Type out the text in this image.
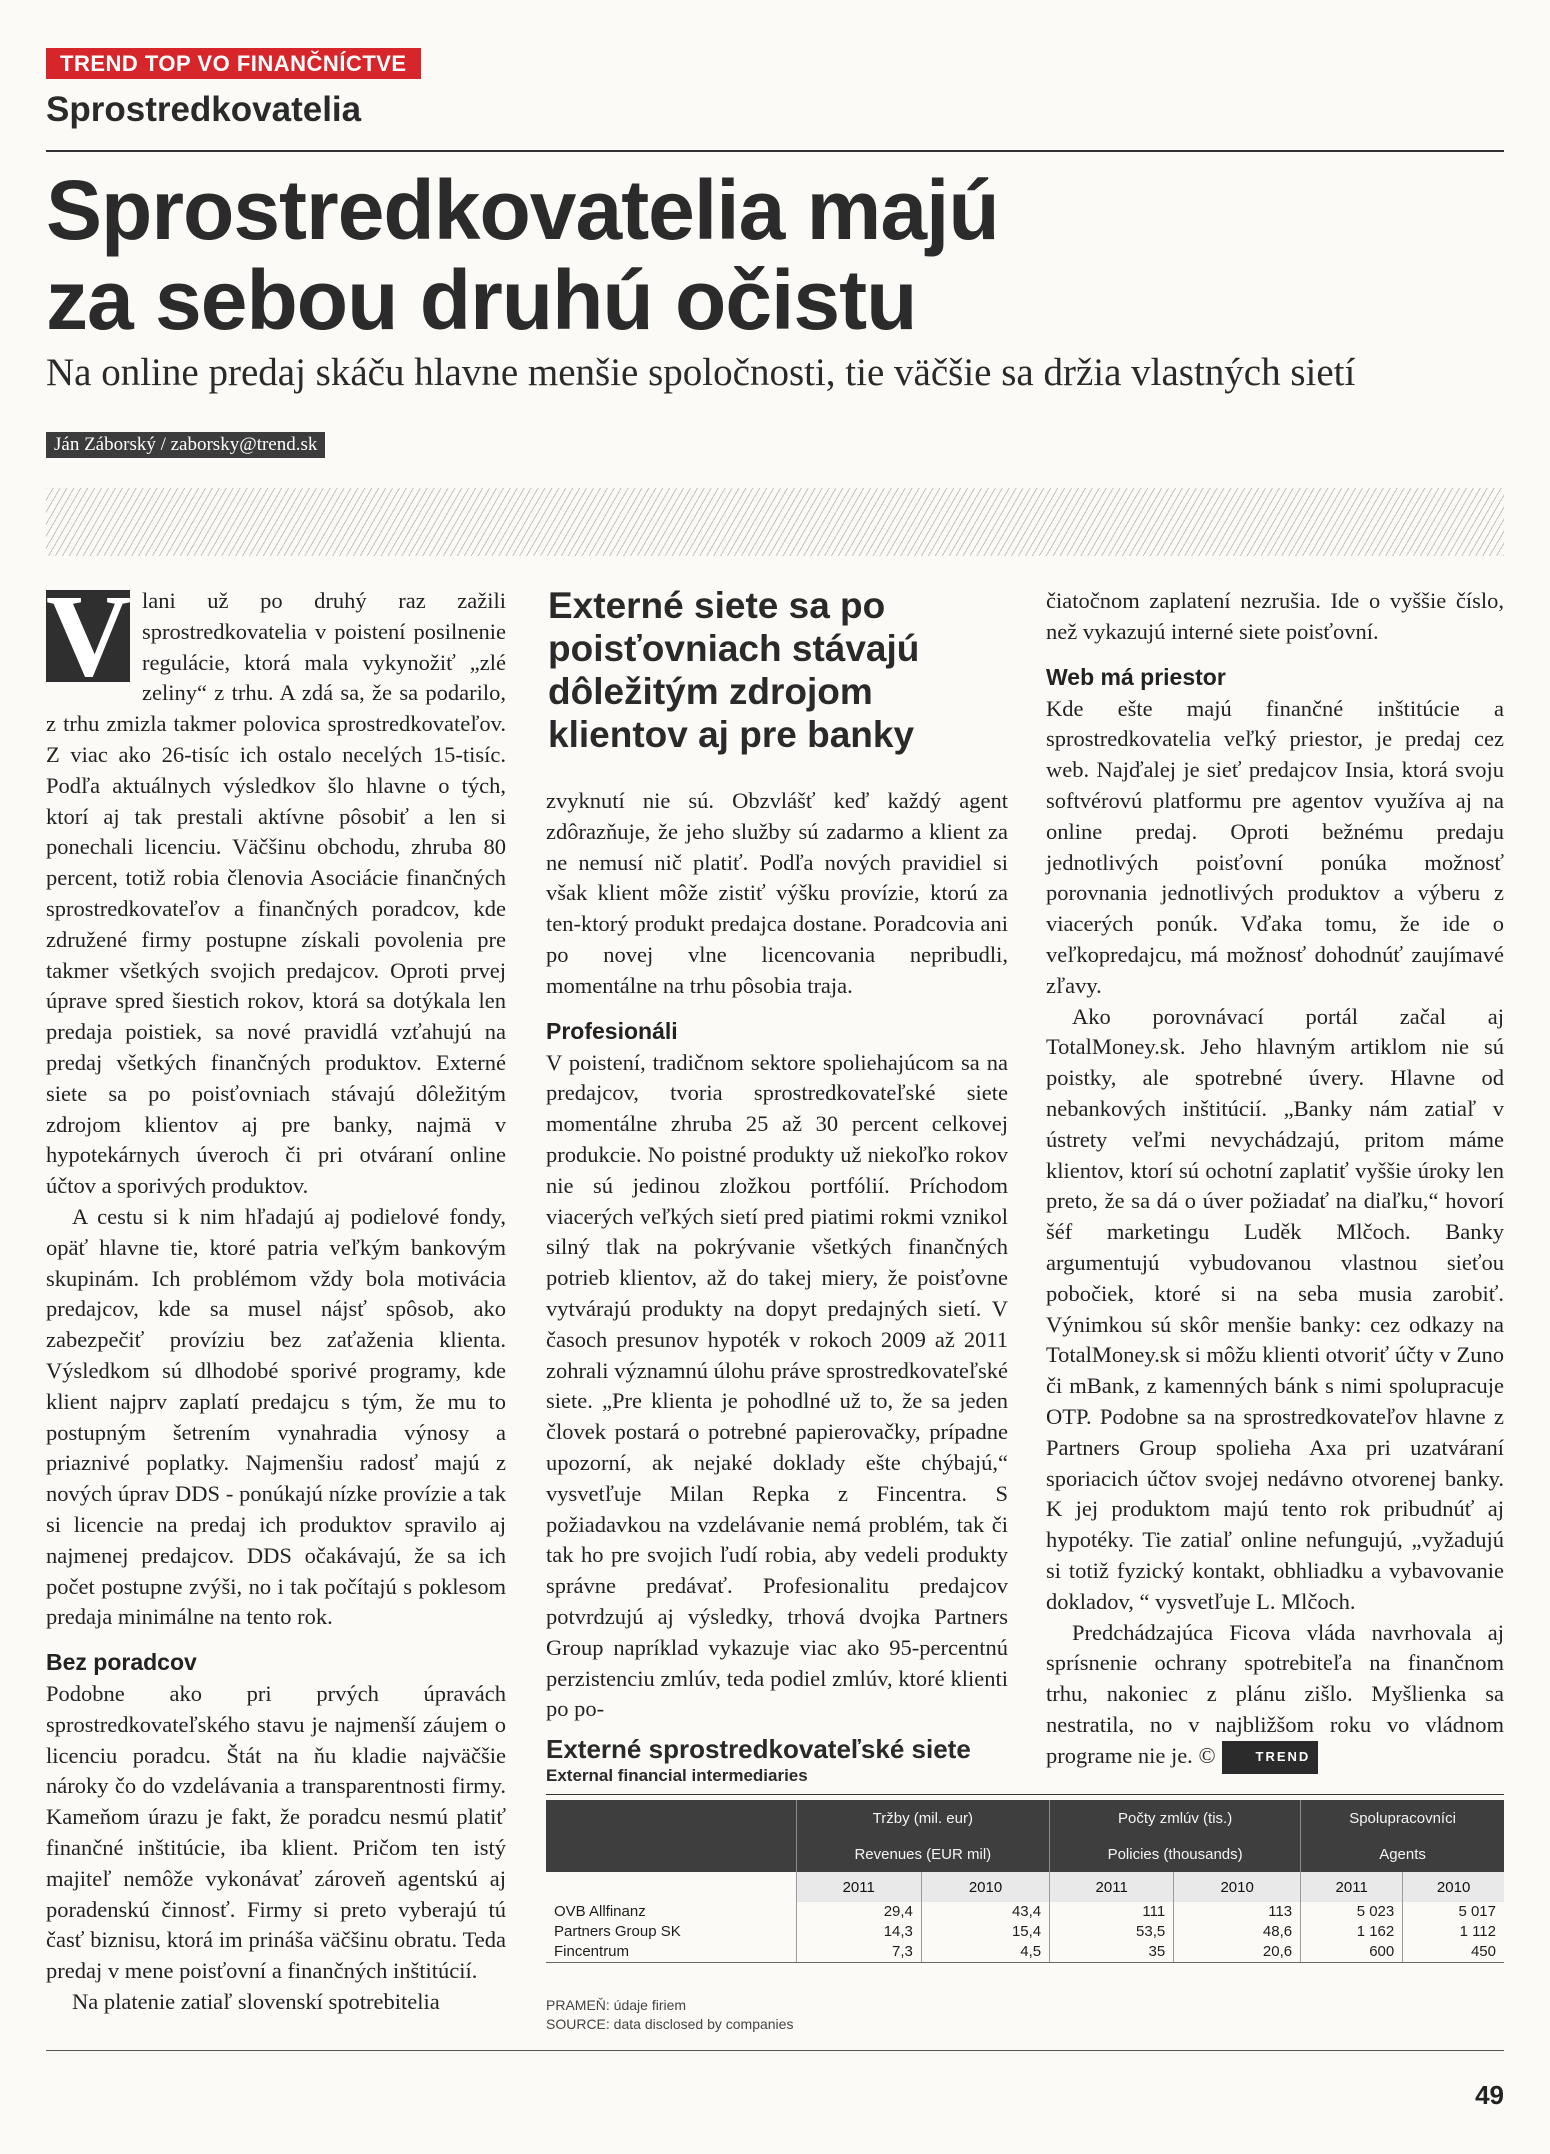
TREND TOP VO FINANČNÍCTVE
Sprostredkovatelia
Sprostredkovatelia majú
za sebou druhú očistu

Na online predaj skáču hlavne menšie spoločnosti, tie väčšie sa držia vlastných sietí

Ján Záborský / zaborsky@trend.sk
V lani už po druhý raz zažili sprostredkovatelia v poistení posilnenie regulácie, ktorá mala vykynožiť „zlé zeliny“ z trhu. A zdá sa, že sa podarilo, z trhu zmizla takmer polovica sprostredkovateľov. Z viac ako 26-tisíc ich ostalo necelých 15-tisíc. Podľa aktuálnych výsledkov šlo hlavne o tých, ktorí aj tak prestali aktívne pôsobiť a len si ponechali licenciu. Väčšinu obchodu, zhruba 80 percent, totiž robia členovia Asociácie finančných sprostredkovateľov a finančných poradcov, kde združené firmy postupne získali povolenia pre takmer všetkých svojich predajcov. Oproti prvej úprave spred šiestich rokov, ktorá sa dotýkala len predaja poistiek, sa nové pravidlá vzťahujú na predaj všetkých finančných produktov. Externé siete sa po poisťovniach stávajú dôležitým zdrojom klientov aj pre banky, najmä v hypotekárnych úveroch či pri otváraní online účtov a sporivých produktov.

A cestu si k nim hľadajú aj podielové fondy, opäť hlavne tie, ktoré patria veľkým bankovým skupinám. Ich problémom vždy bola motivácia predajcov, kde sa musel nájsť spôsob, ako zabezpečiť províziu bez zaťaženia klienta. Výsledkom sú dlhodobé sporivé programy, kde klient najprv zaplatí predajcu s tým, že mu to postupným šetrením vynahradia výnosy a priaznivé poplatky. Najmenšiu radosť majú z nových úprav DDS - ponúkajú nízke provízie a tak si licencie na predaj ich produktov spravilo aj najmenej predajcov. DDS očakávajú, že sa ich počet postupne zvýši, no i tak počítajú s poklesom predaja minimálne na tento rok.

Bez poradcov

Podobne ako pri prvých úpravách sprostredkovateľského stavu je najmenší záujem o licenciu poradcu. Štát na ňu kladie najväčšie nároky čo do vzdelávania a transparentnosti firmy. Kameňom úrazu je fakt, že poradcu nesmú platiť finančné inštitúcie, iba klient. Pričom ten istý majiteľ nemôže vykonávať zároveň agentskú aj poradenskú činnosť. Firmy si preto vyberajú tú časť biznisu, ktorá im prináša väčšinu obratu. Teda predaj v mene poisťovní a finančných inštitúcií.

Na platenie zatiaľ slovenskí spotrebitelia

Externé siete sa po poisťovniach stávajú dôležitým zdrojom klientov aj pre banky

zvyknutí nie sú. Obzvlášť keď každý agent zdôrazňuje, že jeho služby sú zadarmo a klient za ne nemusí nič platiť. Podľa nových pravidiel si však klient môže zistiť výšku provízie, ktorú za ten-ktorý produkt predajca dostane. Poradcovia ani po novej vlne licencovania nepribudli, momentálne na trhu pôsobia traja.

Profesionáli

V poistení, tradičnom sektore spoliehajúcom sa na predajcov, tvoria sprostredkovateľské siete momentálne zhruba 25 až 30 percent celkovej produkcie. No poistné produkty už niekoľko rokov nie sú jedinou zložkou portfólií. Príchodom viacerých veľkých sietí pred piatimi rokmi vznikol silný tlak na pokrývanie všetkých finančných potrieb klientov, až do takej miery, že poisťovne vytvárajú produkty na dopyt predajných sietí. V časoch presunov hypoték v rokoch 2009 až 2011 zohrali významnú úlohu práve sprostredkovateľské siete. „Pre klienta je pohodlné už to, že sa jeden človek postará o potrebné papierovačky, prípadne upozorní, ak nejaké doklady ešte chýbajú,“ vysvetľuje Milan Repka z Fincentra. S požiadavkou na vzdelávanie nemá problém, tak či tak ho pre svojich ľudí robia, aby vedeli produkty správne predávať. Profesionalitu predajcov potvrdzujú aj výsledky, trhová dvojka Partners Group napríklad vykazuje viac ako 95-percentnú perzistenciu zmlúv, teda podiel zmlúv, ktoré klienti po po-

čiatočnom zaplatení nezrušia. Ide o vyššie číslo, než vykazujú interné siete poisťovní.

Web má priestor

Kde ešte majú finančné inštitúcie a sprostredkovatelia veľký priestor, je predaj cez web. Najďalej je sieť predajcov Insia, ktorá svoju softvérovú platformu pre agentov využíva aj na online predaj. Oproti bežnému predaju jednotlivých poisťovní ponúka možnosť porovnania jednotlivých produktov a výberu z viacerých ponúk. Vďaka tomu, že ide o veľkopredajcu, má možnosť dohodnúť zaujímavé zľavy.

Ako porovnávací portál začal aj TotalMoney.sk. Jeho hlavným artiklom nie sú poistky, ale spotrebné úvery. Hlavne od nebankových inštitúcií. „Banky nám zatiaľ v ústrety veľmi nevychádzajú, pritom máme klientov, ktorí sú ochotní zaplatiť vyššie úroky len preto, že sa dá o úver požiadať na diaľku,“ hovorí šéf marketingu Luděk Mlčoch. Banky argumentujú vybudovanou vlastnou sieťou pobočiek, ktoré si na seba musia zarobiť. Výnimkou sú skôr menšie banky: cez odkazy na TotalMoney.sk si môžu klienti otvoriť účty v Zuno či mBank, z kamenných bánk s nimi spolupracuje OTP. Podobne sa na sprostredkovateľov hlavne z Partners Group spolieha Axa pri uzatváraní sporiacich účtov svojej nedávno otvorenej banky. K jej produktom majú tento rok pribudnúť aj hypotéky. Tie zatiaľ online nefungujú, „vyžadujú si totiž fyzický kontakt, obhliadku a vybavovanie dokladov, “ vysvetľuje L. Mlčoch.

Predchádzajúca Ficova vláda navrhovala aj sprísnenie ochrany spotrebiteľa na finančnom trhu, nakoniec z plánu zišlo. Myšlienka sa nestratila, no v najbližšom roku vo vládnom programe nie je. ©	TREND

Externé sprostredkovateľské siete
External financial intermediaries
	Tržby (mil. eur)		Počty zmlúv (tis.)		Spolupracovníci	
	Revenues (EUR mil)		Policies (thousands)		Agents	
	2011	2010	2011	2010	2011	2010
OVB Allfinanz	29,4	43,4	111	113	5 023	5 017
Partners Group SK	14,3	15,4	53,5	48,6	1 162	1 112
Fincentrum	7,3	4,5	35	20,6	600	450
PRAMEŇ: údaje firiem
SOURCE: data disclosed by companies
49
